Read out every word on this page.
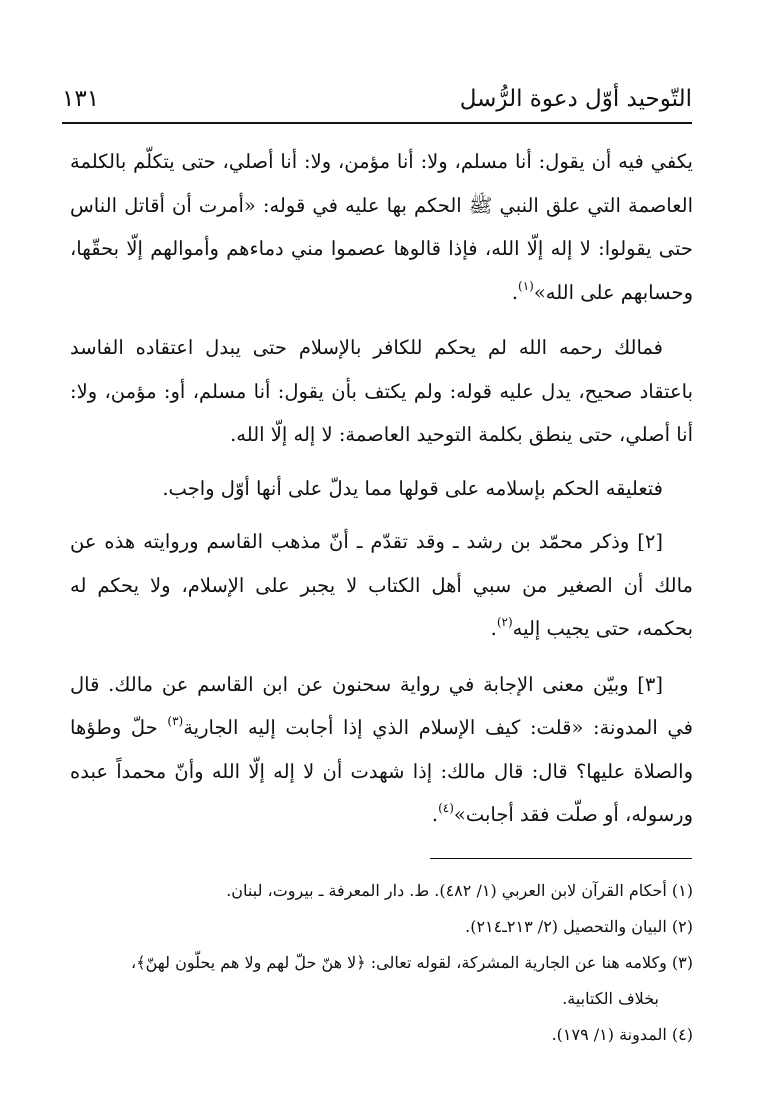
التّوحيد أوّل دعوة الرُّسل
١٣١

يكفي فيه أن يقول: أنا مسلم، ولا: أنا مؤمن، ولا: أنا أصلي، حتى يتكلّم بالكلمة العاصمة التي علق النبي ﷺ الحكم بها عليه في قوله: «أمرت أن أقاتل الناس حتى يقولوا: لا إله إلّا الله، فإذا قالوها عصموا مني دماءهم وأموالهم إلّا بحقّها، وحسابهم على الله»$^{(١)}$.

فمالك رحمه الله لم يحكم للكافر بالإسلام حتى يبدل اعتقاده الفاسد باعتقاد صحيح، يدل عليه قوله: ولم يكتف بأن يقول: أنا مسلم، أو: مؤمن، ولا: أنا أصلي، حتى ينطق بكلمة التوحيد العاصمة: لا إله إلّا الله.

فتعليقه الحكم بإسلامه على قولها مما يدلّ على أنها أوّل واجب.

[٢] وذكر محمّد بن رشد ـ وقد تقدّم ـ أنّ مذهب القاسم وروايته هذه عن مالك أن الصغير من سبي أهل الكتاب لا يجبر على الإسلام، ولا يحكم له بحكمه، حتى يجيب إليه$^{(٢)}$.

[٣] وبيّن معنى الإجابة في رواية سحنون عن ابن القاسم عن مالك. قال في المدونة: «قلت: كيف الإسلام الذي إذا أجابت إليه الجارية$^{(٣)}$ حلّ وطؤها والصلاة عليها؟ قال: قال مالك: إذا شهدت أن لا إله إلّا الله وأنّ محمداً عبده ورسوله، أو صلّت فقد أجابت»$^{(٤)}$.

(١) أحكام القرآن لابن العربي (١/ ٤٨٢). ط. دار المعرفة ـ بيروت، لبنان.

(٢) البيان والتحصيل (٢/ ٢١٣ـ٢١٤).

(٣) وكلامه هنا عن الجارية المشركة، لقوله تعالى: ﴿لا هنّ حلّ لهم ولا هم يحلّون لهنّ﴾،

بخلاف الكتابية.

(٤) المدونة (١/ ١٧٩).
